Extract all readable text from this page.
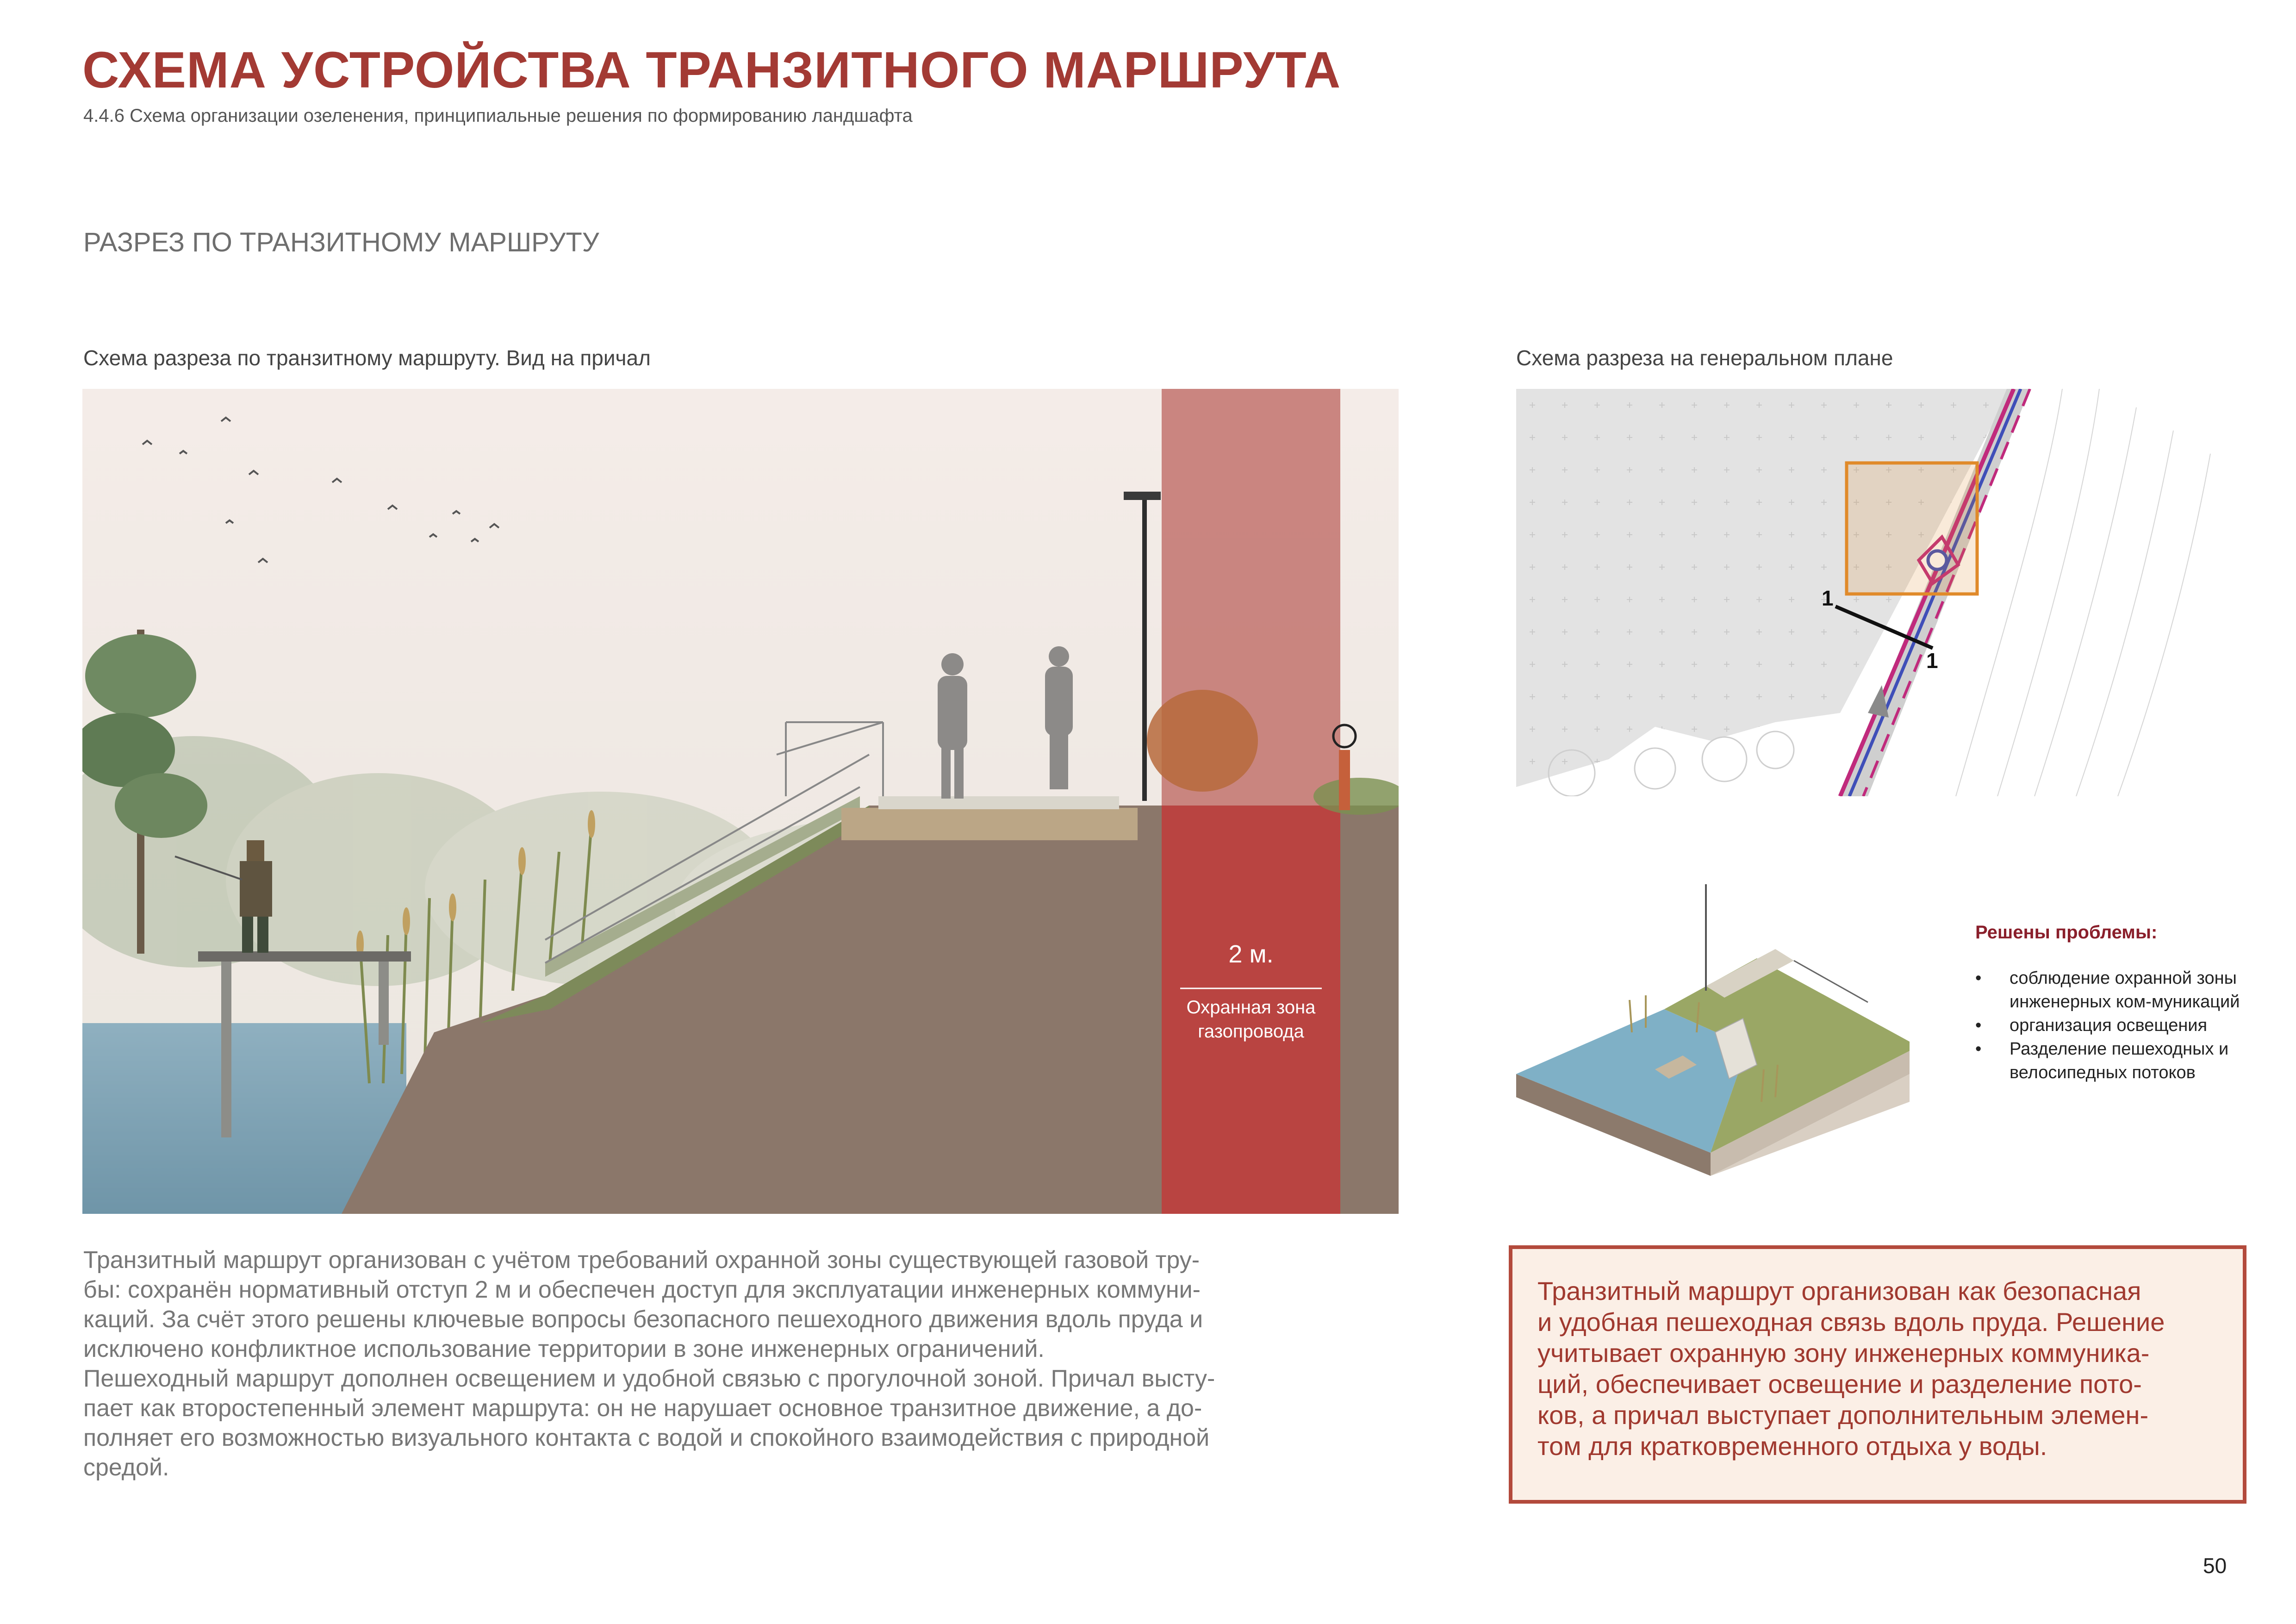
СХЕМА УСТРОЙСТВА ТРАНЗИТНОГО МАРШРУТА
4.4.6 Схема организации озеленения, принципиальные решения по формированию ландшафта
РАЗРЕЗ ПО ТРАНЗИТНОМУ МАРШРУТУ
Схема разреза по транзитному маршруту. Вид на причал	Схема разреза на генеральном плане
2 м.
Охранная зона
газопровода
1
1
Решены проблемы:
• соблюдение охранной зоны инженерных ком-муникаций
• организация освещения
• Разделение пешеходных и велосипедных потоков

Транзитный маршрут организован с учётом требований охранной зоны существующей газовой тру-
бы: сохранён нормативный отступ 2 м и обеспечен доступ для эксплуатации инженерных коммуни-
каций. За счёт этого решены ключевые вопросы безопасного пешеходного движения вдоль пруда и
исключено конфликтное использование территории в зоне инженерных ограничений.
Пешеходный маршрут дополнен освещением и удобной связью с прогулочной зоной. Причал высту-
пает как второстепенный элемент маршрута: он не нарушает основное транзитное движение, а до-
полняет его возможностью визуального контакта с водой и спокойного взаимодействия с природной
средой.

Транзитный маршрут организован как безопасная
и удобная пешеходная связь вдоль пруда. Решение
учитывает охранную зону инженерных коммуника-
ций, обеспечивает освещение и разделение пото-
ков, а причал выступает дополнительным элемен-
том для кратковременного отдыха у воды.

50
